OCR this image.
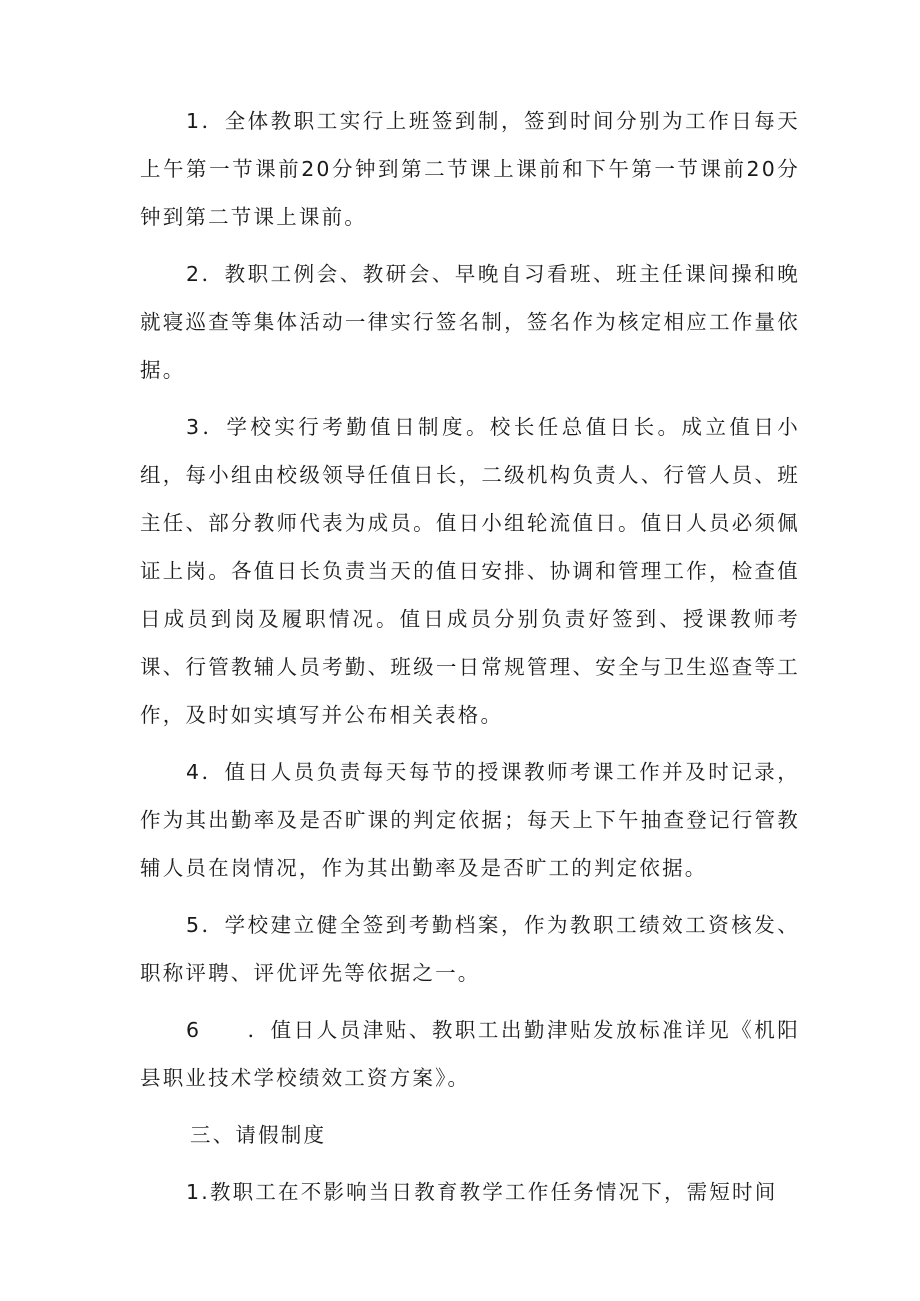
1．全体教职工实行上班签到制，签到时间分别为工作日每天上午第一节课前20分钟到第二节课上课前和下午第一节课前20分钟到第二节课上课前。

2．教职工例会、教研会、早晚自习看班、班主任课间操和晚就寝巡查等集体活动一律实行签名制，签名作为核定相应工作量依据。

3．学校实行考勤值日制度。校长任总值日长。成立值日小组，每小组由校级领导任值日长，二级机构负责人、行管人员、班主任、部分教师代表为成员。值日小组轮流值日。值日人员必须佩证上岗。各值日长负责当天的值日安排、协调和管理工作，检查值日成员到岗及履职情况。值日成员分别负责好签到、授课教师考课、行管教辅人员考勤、班级一日常规管理、安全与卫生巡查等工作，及时如实填写并公布相关表格。

4．值日人员负责每天每节的授课教师考课工作并及时记录，作为其出勤率及是否旷课的判定依据；每天上下午抽查登记行管教辅人员在岗情况，作为其出勤率及是否旷工的判定依据。

5．学校建立健全签到考勤档案，作为教职工绩效工资核发、职称评聘、评优评先等依据之一。

6　　．值日人员津贴、教职工出勤津贴发放标准详见《机阳县职业技术学校绩效工资方案》。

三、请假制度

1.教职工在不影响当日教育教学工作任务情况下，需短时间
